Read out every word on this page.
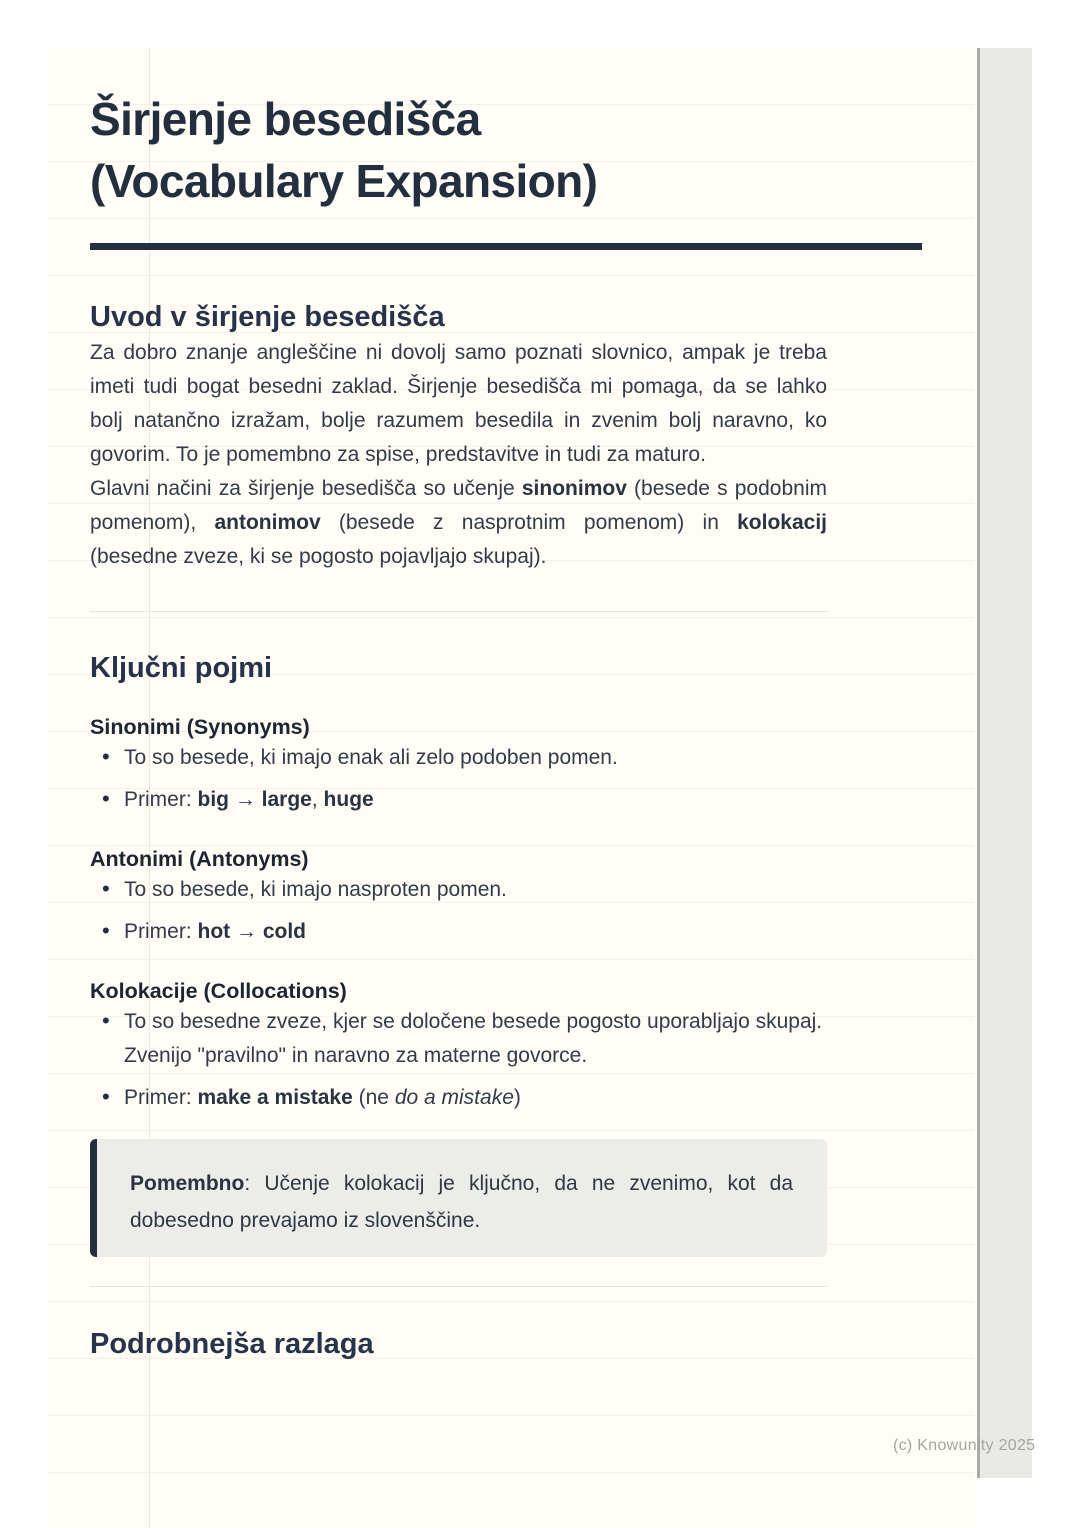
Širjenje besedišča
(Vocabulary Expansion)
Uvod v širjenje besedišča

Za dobro znanje angleščine ni dovolj samo poznati slovnico, ampak je treba imeti tudi bogat besedni zaklad. Širjenje besedišča mi pomaga, da se lahko bolj natančno izražam, bolje razumem besedila in zvenim bolj naravno, ko govorim. To je pomembno za spise, predstavitve in tudi za maturo.

Glavni načini za širjenje besedišča so učenje sinonimov (besede s podobnim pomenom), antonimov (besede z nasprotnim pomenom) in kolokacij (besedne zveze, ki se pogosto pojavljajo skupaj).

Ključni pojmi
Sinonimi (Synonyms)
• To so besede, ki imajo enak ali zelo podoben pomen.
• Primer: big → large, huge
Antonimi (Antonyms)
• To so besede, ki imajo nasproten pomen.
• Primer: hot → cold
Kolokacije (Collocations)
• To so besedne zveze, kjer se določene besede pogosto uporabljajo skupaj. Zvenijo "pravilno" in naravno za materne govorce.
• Primer: make a mistake (ne do a mistake)

Pomembno: Učenje kolokacij je ključno, da ne zvenimo, kot da dobesedno prevajamo iz slovenščine.

Podrobnejša razlaga
(c) Knowunity 2025
